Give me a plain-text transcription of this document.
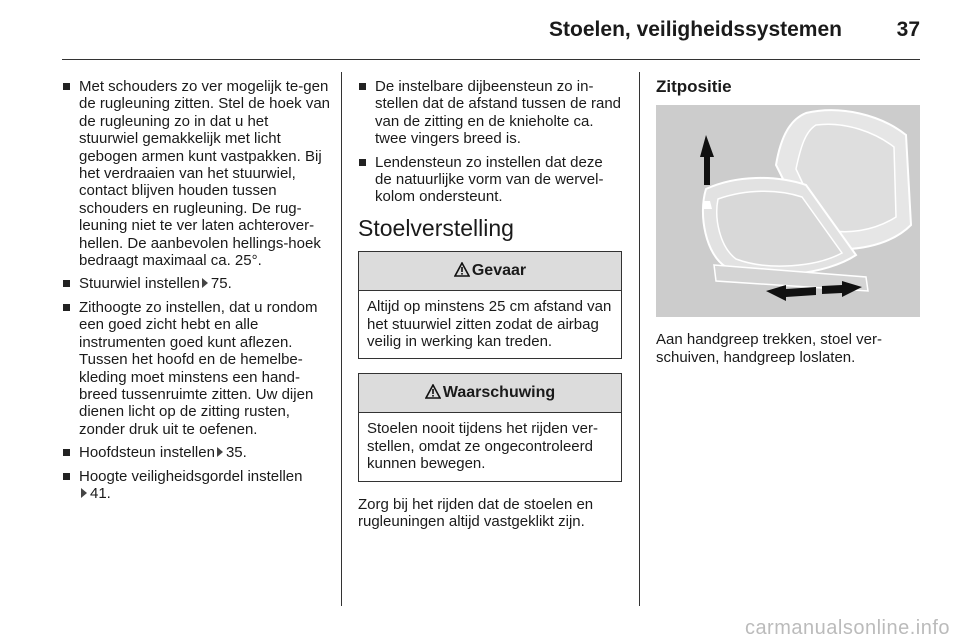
Stoelen, veiligheidssystemen	37
Met schouders zo ver mogelijk te-gen de rugleuning zitten. Stel de hoek van de rugleuning zo in dat u het stuurwiel gemakkelijk met licht gebogen armen kunt vastpakken. Bij het verdraaien van het stuurwiel, contact blijven houden tussen schouders en rugleuning. De rug-leuning niet te ver laten achterover-hellen. De aanbevolen hellings-hoek bedraagt maximaal ca. 25°.
Stuurwiel instellen 75.
Zithoogte zo instellen, dat u rondom een goed zicht hebt en alle instrumenten goed kunt aflezen. Tussen het hoofd en de hemelbe-kleding moet minstens een hand-breed tussenruimte zitten. Uw dijen dienen licht op de zitting rusten, zonder druk uit te oefenen.
Hoofdsteun instellen 35.
Hoogte veiligheidsgordel instellen
41.
De instelbare dijbeensteun zo in-stellen dat de afstand tussen de rand van de zitting en de knieholte ca. twee vingers breed is.
Lendensteun zo instellen dat deze de natuurlijke vorm van de wervel-kolom ondersteunt.
Stoelverstelling
Gevaar
Altijd op minstens 25 cm afstand van het stuurwiel zitten zodat de airbag veilig in werking kan treden.
Waarschuwing
Stoelen nooit tijdens het rijden ver-stellen, omdat ze ongecontroleerd kunnen bewegen.

Zorg bij het rijden dat de stoelen en rugleuningen altijd vastgeklikt zijn.

Zitpositie

Aan handgreep trekken, stoel ver-schuiven, handgreep loslaten.

carmanualsonline.info
